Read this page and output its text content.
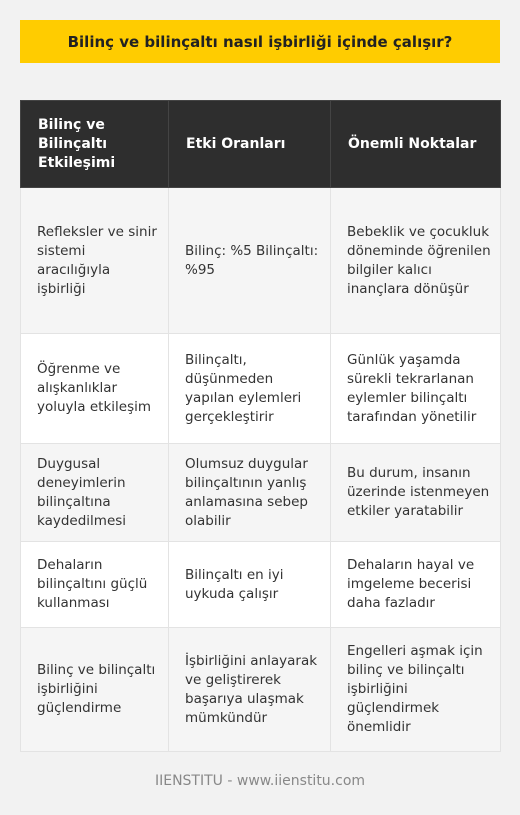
Bilinç ve bilinçaltı nasıl işbirliği içinde çalışır?
Bilinç ve Bilinçaltı Etkileşimi	Etki Oranları	Önemli Noktalar
Refleksler ve sinir sistemi aracılığıyla işbirliği	Bilinç: %5 Bilinçaltı: %95	Bebeklik ve çocukluk döneminde öğrenilen bilgiler kalıcı inançlara dönüşür
Öğrenme ve alışkanlıklar yoluyla etkileşim	Bilinçaltı, düşünmeden yapılan eylemleri gerçekleştirir	Günlük yaşamda sürekli tekrarlanan eylemler bilinçaltı tarafından yönetilir
Duygusal deneyimlerin bilinçaltına kaydedilmesi	Olumsuz duygular bilinçaltının yanlış anlamasına sebep olabilir	Bu durum, insanın üzerinde istenmeyen etkiler yaratabilir
Dehaların bilinçaltını güçlü kullanması	Bilinçaltı en iyi uykuda çalışır	Dehaların hayal ve imgeleme becerisi daha fazladır
Bilinç ve bilinçaltı işbirliğini güçlendirme	İşbirliğini anlayarak ve geliştirerek başarıya ulaşmak mümkündür	Engelleri aşmak için bilinç ve bilinçaltı işbirliğini güçlendirmek önemlidir
IIENSTITU - www.iienstitu.com
